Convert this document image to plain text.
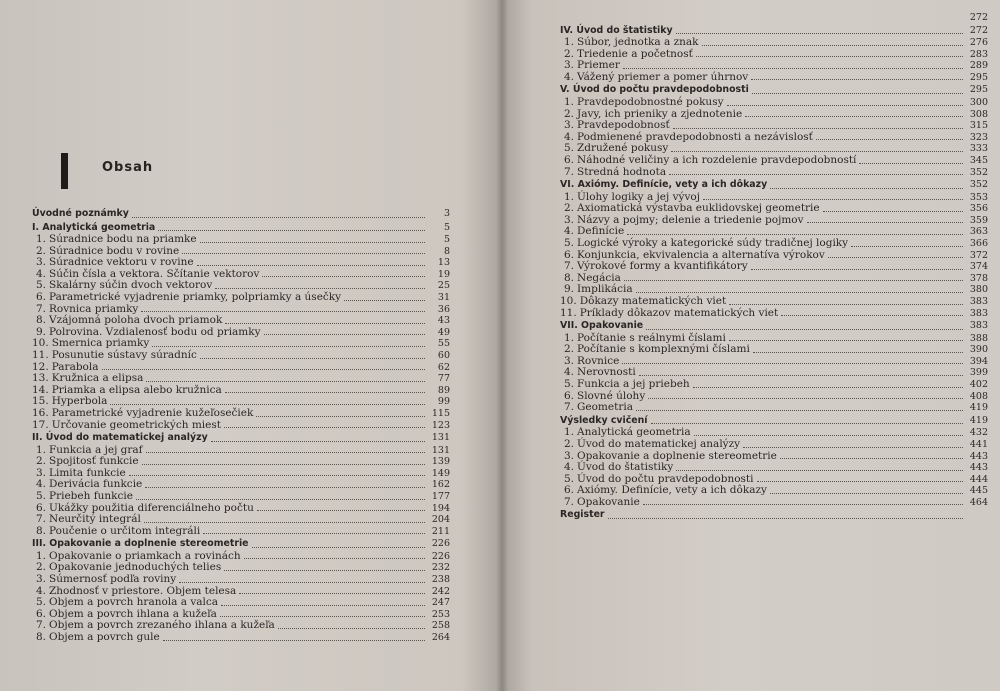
Obsah
Úvodné poznámky	3
I. Analytická geometria	5
1. Súradnice bodu na priamke	5
2. Súradnice bodu v rovine	8
3. Súradnice vektoru v rovine	13
4. Súčin čísla a vektora. Sčítanie vektorov	19
5. Skalárny súčin dvoch vektorov	25
6. Parametrické vyjadrenie priamky, polpriamky a úsečky	31
7. Rovnica priamky	36
8. Vzájomná poloha dvoch priamok	43
9. Polrovina. Vzdialenosť bodu od priamky	49
10. Smernica priamky	55
11. Posunutie sústavy súradníc	60
12. Parabola	62
13. Kružnica a elipsa	77
14. Priamka a elipsa alebo kružnica	89
15. Hyperbola	99
16. Parametrické vyjadrenie kužeľosečiek	115
17. Určovanie geometrických miest	123
II. Úvod do matematickej analýzy	131
1. Funkcia a jej graf	131
2. Spojitosť funkcie	139
3. Limita funkcie	149
4. Derivácia funkcie	162
5. Priebeh funkcie	177
6. Ukážky použitia diferenciálneho počtu	194
7. Neurčitý integrál	204
8. Poučenie o určitom integráli	211
III. Opakovanie a doplnenie stereometrie	226
1. Opakovanie o priamkach a rovinách	226
2. Opakovanie jednoduchých telies	232
3. Súmernosť podľa roviny	238
4. Zhodnosť v priestore. Objem telesa	242
5. Objem a povrch hranola a valca	247
6. Objem a povrch ihlana a kužeľa	253
7. Objem a povrch zrezaného ihlana a kužeľa	258
8. Objem a povrch gule	264
272
IV. Úvod do štatistiky	272
1. Súbor, jednotka a znak	276
2. Triedenie a početnosť	283
3. Priemer	289
4. Vážený priemer a pomer úhrnov	295
V. Úvod do počtu pravdepodobnosti	295
1. Pravdepodobnostné pokusy	300
2. Javy, ich prieniky a zjednotenie	308
3. Pravdepodobnosť	315
4. Podmienené pravdepodobnosti a nezávislosť	323
5. Združené pokusy	333
6. Náhodné veličiny a ich rozdelenie pravdepodobností	345
7. Stredná hodnota	352
VI. Axiómy. Definície, vety a ich dôkazy	352
1. Úlohy logiky a jej vývoj	353
2. Axiomatická výstavba euklidovskej geometrie	356
3. Názvy a pojmy; delenie a triedenie pojmov	359
4. Definície	363
5. Logické výroky a kategorické súdy tradičnej logiky	366
6. Konjunkcia, ekvivalencia a alternatíva výrokov	372
7. Výrokové formy a kvantifikátory	374
8. Negácia	378
9. Implikácia	380
10. Dôkazy matematických viet	383
11. Príklady dôkazov matematických viet	383
VII. Opakovanie	383
1. Počítanie s reálnymi číslami	388
2. Počítanie s komplexnými číslami	390
3. Rovnice	394
4. Nerovnosti	399
5. Funkcia a jej priebeh	402
6. Slovné úlohy	408
7. Geometria	419
Výsledky cvičení	419
1. Analytická geometria	432
2. Úvod do matematickej analýzy	441
3. Opakovanie a doplnenie stereometrie	443
4. Úvod do štatistiky	443
5. Úvod do počtu pravdepodobnosti	444
6. Axiómy. Definície, vety a ich dôkazy	445
7. Opakovanie	464
Register
